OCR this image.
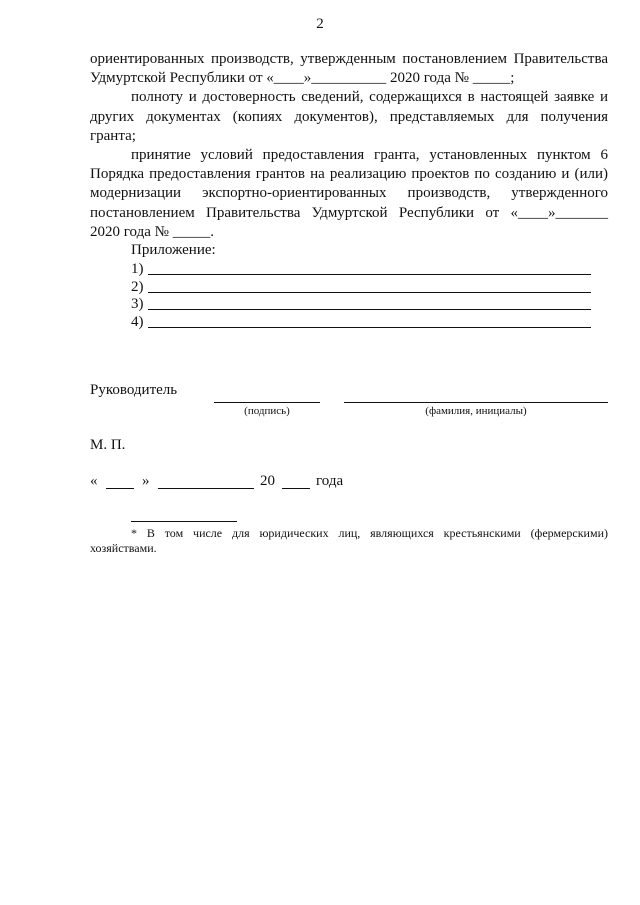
2
ориентированных производств, утвержденным постановлением Правительства
Удмуртской Республики от «____»__________ 2020 года № _____;
полноту и достоверность сведений, содержащихся в настоящей заявке и
других документах (копиях документов), представляемых для получения
гранта;
принятие условий предоставления гранта, установленных пунктом 6
Порядка предоставления грантов на реализацию проектов по созданию и (или)
модернизации экспортно-ориентированных производств, утвержденного
постановлением Правительства Удмуртской Республики от «____»_______
2020 года № _____.
Приложение:
1)
2)
3)
4)
Руководитель
(подпись)	(фамилия, инициалы)
М. П.
«	»	20	года
* В том числе для юридических лиц, являющихся крестьянскими (фермерскими)
хозяйствами.
